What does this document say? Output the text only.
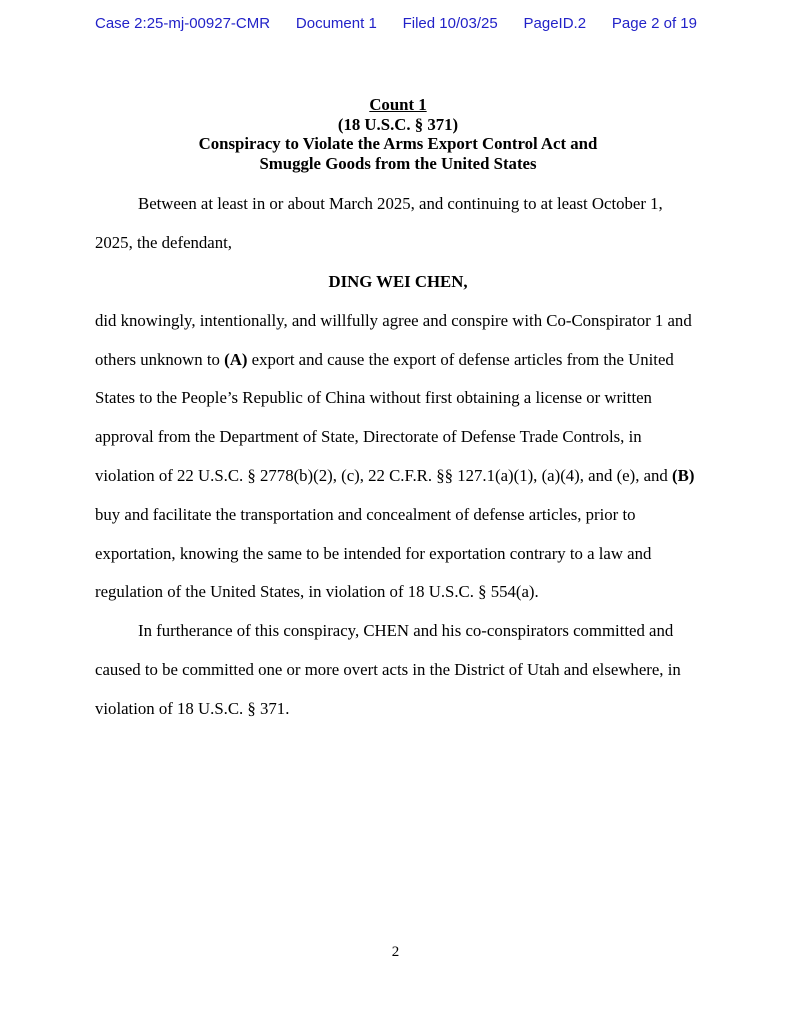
Case 2:25-mj-00927-CMR Document 1 Filed 10/03/25 PageID.2 Page 2 of 19
Count 1
(18 U.S.C. § 371)
Conspiracy to Violate the Arms Export Control Act and
Smuggle Goods from the United States

Between at least in or about March 2025, and continuing to at least October 1, 2025, the defendant,

DING WEI CHEN,

did knowingly, intentionally, and willfully agree and conspire with Co-Conspirator 1 and others unknown to (A) export and cause the export of defense articles from the United States to the People’s Republic of China without first obtaining a license or written approval from the Department of State, Directorate of Defense Trade Controls, in violation of 22 U.S.C. § 2778(b)(2), (c), 22 C.F.R. §§ 127.1(a)(1), (a)(4), and (e), and (B) buy and facilitate the transportation and concealment of defense articles, prior to exportation, knowing the same to be intended for exportation contrary to a law and regulation of the United States, in violation of 18 U.S.C. § 554(a).

In furtherance of this conspiracy, CHEN and his co-conspirators committed and caused to be committed one or more overt acts in the District of Utah and elsewhere, in violation of 18 U.S.C. § 371.

2
